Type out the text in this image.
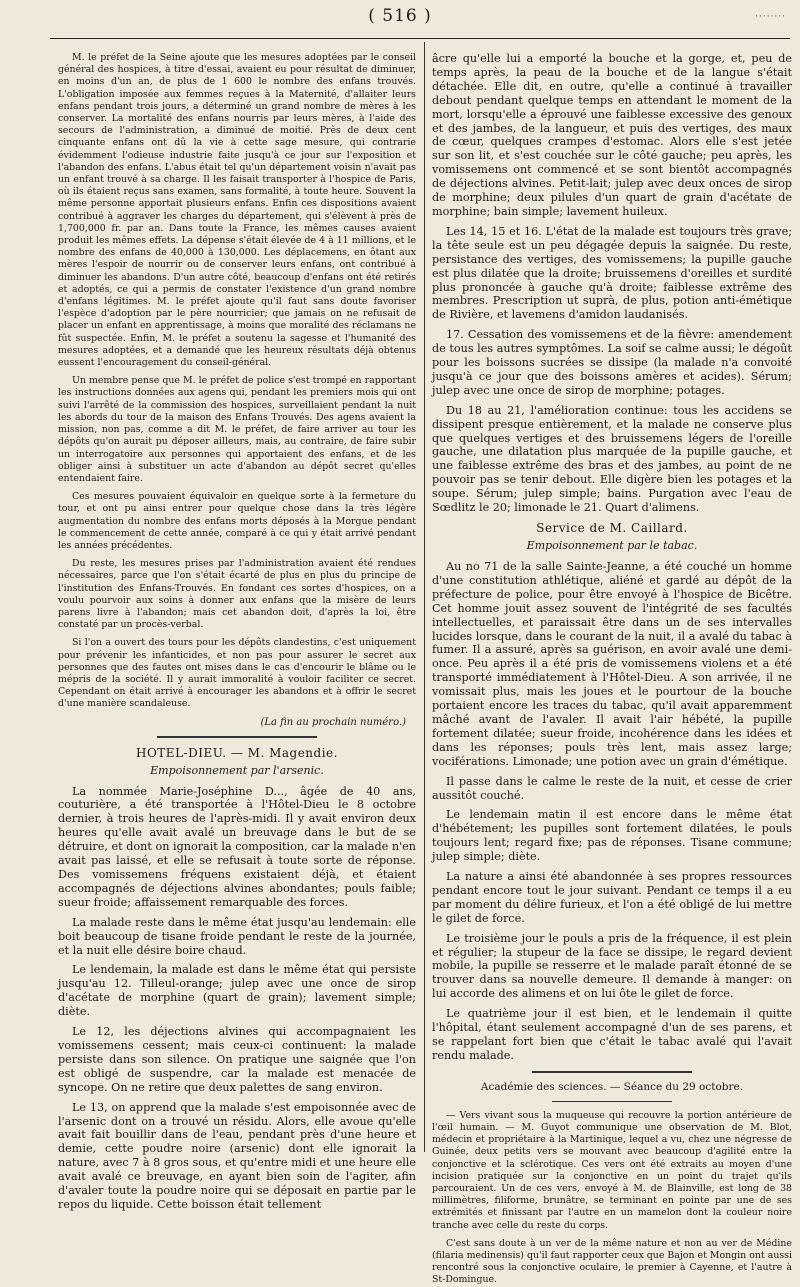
( 516 )	········

M. le préfet de la Seine ajoute que les mesures adoptées par le conseil général des hospices, à titre d'essai, avaient eu pour résultat de diminuer, en moins d'un an, de plus de 1 600 le nombre des enfans trouvés. L'obligation imposée aux femmes reçues à la Maternité, d'allaiter leurs enfans pendant trois jours, a déterminé un grand nombre de mères à les conserver. La mortalité des enfans nourris par leurs mères, à l'aide des secours de l'administration, a diminué de moitié. Près de deux cent cinquante enfans ont dû la vie à cette sage mesure, qui contrarie évidemment l'odieuse industrie faite jusqu'à ce jour sur l'exposition et l'abandon des enfans. L'abus était tel qu'un département voisin n'avait pas un enfant trouvé à sa charge. Il les faisait transporter à l'hospice de Paris, où ils étaient reçus sans examen, sans formalité, à toute heure. Souvent la même personne apportait plusieurs enfans. Enfin ces dispositions avaient contribué à aggraver les charges du département, qui s'élèvent à près de 1,700,000 fr. par an. Dans toute la France, les mêmes causes avaient produit les mêmes effets. La dépense s'était élevée de 4 à 11 millions, et le nombre des enfans de 40,000 à 130,000. Les déplacemens, en ôtant aux mères l'espoir de nourrir ou de conserver leurs enfans, ont contribué à diminuer les abandons. D'un autre côté, beaucoup d'enfans ont été retirés et adoptés, ce qui a permis de constater l'existence d'un grand nombre d'enfans légitimes. M. le préfet ajoute qu'il faut sans doute favoriser l'espèce d'adoption par le père nourricier; que jamais on ne refusait de placer un enfant en apprentissage, à moins que moralité des réclamans ne fût suspectée. Enfin, M. le préfet a soutenu la sagesse et l'humanité des mesures adoptées, et a demandé que les heureux résultats déjà obtenus eussent l'encouragement du conseil-général.

Un membre pense que M. le préfet de police s'est trompé en rapportant les instructions données aux agens qui, pendant les premiers mois qui ont suivi l'arrêté de la commission des hospices, surveillaient pendant la nuit les abords du tour de la maison des Enfans Trouvés. Des agens avaient la mission, non pas, comme a dit M. le préfet, de faire arriver au tour les dépôts qu'on aurait pu déposer ailleurs, mais, au contraire, de faire subir un interrogatoire aux personnes qui apportaient des enfans, et de les obliger ainsi à substituer un acte d'abandon au dépôt secret qu'elles entendaient faire.

Ces mesures pouvaient équivaloir en quelque sorte à la fermeture du tour, et ont pu ainsi entrer pour quelque chose dans la très légère augmentation du nombre des enfans morts déposés à la Morgue pendant le commencement de cette année, comparé à ce qui y était arrivé pendant les années précédentes.

Du reste, les mesures prises par l'administration avaient été rendues nécessaires, parce que l'on s'était écarté de plus en plus du principe de l'institution des Enfans-Trouvés. En fondant ces sortes d'hospices, on a voulu pourvoir aux soins à donner aux enfans que la misère de leurs parens livre à l'abandon; mais cet abandon doit, d'après la loi, être constaté par un procès-verbal.

Si l'on a ouvert des tours pour les dépôts clandestins, c'est uniquement pour prévenir les infanticides, et non pas pour assurer le secret aux personnes que des fautes ont mises dans le cas d'encourir le blâme ou le mépris de la société. Il y aurait immoralité à vouloir faciliter ce secret. Cependant on était arrivé à encourager les abandons et à offrir le secret d'une manière scandaleuse.

(La fin au prochain numéro.)
HOTEL-DIEU. — M. Magendie.
Empoisonnement par l'arsenic.

La nommée Marie-Joséphine D..., âgée de 40 ans, couturière, a été transportée à l'Hôtel-Dieu le 8 octobre dernier, à trois heures de l'après-midi. Il y avait environ deux heures qu'elle avait avalé un breuvage dans le but de se détruire, et dont on ignorait la composition, car la malade n'en avait pas laissé, et elle se refusait à toute sorte de réponse. Des vomissemens fréquens existaient déjà, et étaient accompagnés de déjections alvines abondantes; pouls faible; sueur froide; affaissement remarquable des forces.

La malade reste dans le même état jusqu'au lendemain: elle boit beaucoup de tisane froide pendant le reste de la journée, et la nuit elle désire boire chaud.

Le lendemain, la malade est dans le même état qui persiste jusqu'au 12. Tilleul-orange; julep avec une once de sirop d'acétate de morphine (quart de grain); lavement simple; diète.

Le 12, les déjections alvines qui accompagnaient les vomissemens cessent; mais ceux-ci continuent: la malade persiste dans son silence. On pratique une saignée que l'on est obligé de suspendre, car la malade est menacée de syncope. On ne retire que deux palettes de sang environ.

Le 13, on apprend que la malade s'est empoisonnée avec de l'arsenic dont on a trouvé un résidu. Alors, elle avoue qu'elle avait fait bouillir dans de l'eau, pendant près d'une heure et demie, cette poudre noire (arsenic) dont elle ignorait la nature, avec 7 à 8 gros sous, et qu'entre midi et une heure elle avait avalé ce breuvage, en ayant bien soin de l'agiter, afin d'avaler toute la poudre noire qui se déposait en partie par le repos du liquide. Cette boisson était tellement

âcre qu'elle lui a emporté la bouche et la gorge, et, peu de temps après, la peau de la bouche et de la langue s'était détachée. Elle dit, en outre, qu'elle a continué à travailler debout pendant quelque temps en attendant le moment de la mort, lorsqu'elle a éprouvé une faiblesse excessive des genoux et des jambes, de la langueur, et puis des vertiges, des maux de cœur, quelques crampes d'estomac. Alors elle s'est jetée sur son lit, et s'est couchée sur le côté gauche; peu après, les vomissemens ont commencé et se sont bientôt accompagnés de déjections alvines. Petit-lait; julep avec deux onces de sirop de morphine; deux pilules d'un quart de grain d'acétate de morphine; bain simple; lavement huileux.

Les 14, 15 et 16. L'état de la malade est toujours très grave; la tête seule est un peu dégagée depuis la saignée. Du reste, persistance des vertiges, des vomissemens; la pupille gauche est plus dilatée que la droite; bruissemens d'oreilles et surdité plus prononcée à gauche qu'à droite; faiblesse extrême des membres. Prescription ut suprà, de plus, potion anti-émétique de Rivière, et lavemens d'amidon laudanisés.

17. Cessation des vomissemens et de la fièvre: amendement de tous les autres symptômes. La soif se calme aussi; le dégoût pour les boissons sucrées se dissipe (la malade n'a convoité jusqu'à ce jour que des boissons amères et acides). Sérum; julep avec une once de sirop de morphine; potages.

Du 18 au 21, l'amélioration continue: tous les accidens se dissipent presque entièrement, et la malade ne conserve plus que quelques vertiges et des bruissemens légers de l'oreille gauche, une dilatation plus marquée de la pupille gauche, et une faiblesse extrême des bras et des jambes, au point de ne pouvoir pas se tenir debout. Elle digère bien les potages et la soupe. Sérum; julep simple; bains. Purgation avec l'eau de Sœdlitz le 20; limonade le 21. Quart d'alimens.

Service de M. Caillard.
Empoisonnement par le tabac.

Au no 71 de la salle Sainte-Jeanne, a été couché un homme d'une constitution athlétique, aliéné et gardé au dépôt de la préfecture de police, pour être envoyé à l'hospice de Bicêtre. Cet homme jouit assez souvent de l'intégrité de ses facultés intellectuelles, et paraissait être dans un de ses intervalles lucides lorsque, dans le courant de la nuit, il a avalé du tabac à fumer. Il a assuré, après sa guérison, en avoir avalé une demi-once. Peu après il a été pris de vomissemens violens et a été transporté immédiatement à l'Hôtel-Dieu. A son arrivée, il ne vomissait plus, mais les joues et le pourtour de la bouche portaient encore les traces du tabac, qu'il avait apparemment mâché avant de l'avaler. Il avait l'air hébété, la pupille fortement dilatée; sueur froide, incohérence dans les idées et dans les réponses; pouls très lent, mais assez large; vociférations. Limonade; une potion avec un grain d'émétique.

Il passe dans le calme le reste de la nuit, et cesse de crier aussitôt couché.

Le lendemain matin il est encore dans le même état d'hébétement; les pupilles sont fortement dilatées, le pouls toujours lent; regard fixe; pas de réponses. Tisane commune; julep simple; diète.

La nature a ainsi été abandonnée à ses propres ressources pendant encore tout le jour suivant. Pendant ce temps il a eu par moment du délire furieux, et l'on a été obligé de lui mettre le gilet de force.

Le troisième jour le pouls a pris de la fréquence, il est plein et régulier; la stupeur de la face se dissipe, le regard devient mobile, la pupille se resserre et le malade paraît étonné de se trouver dans sa nouvelle demeure. Il demande à manger: on lui accorde des alimens et on lui ôte le gilet de force.

Le quatrième jour il est bien, et le lendemain il quitte l'hôpital, étant seulement accompagné d'un de ses parens, et se rappelant fort bien que c'était le tabac avalé qui l'avait rendu malade.

Académie des sciences. — Séance du 29 octobre.

— Vers vivant sous la muqueuse qui recouvre la portion antérieure de l'œil humain. — M. Guyot communique une observation de M. Blot, médecin et propriétaire à la Martinique, lequel a vu, chez une négresse de Guinée, deux petits vers se mouvant avec beaucoup d'agilité entre la conjonctive et la sclérotique. Ces vers ont été extraits au moyen d'une incision pratiquée sur la conjonctive en un point du trajet qu'ils parcouraient. Un de ces vers, envoyé à M. de Blainville, est long de 38 millimètres, filiforme, brunâtre, se terminant en pointe par une de ses extrémités et finissant par l'autre en un mamelon dont la couleur noire tranche avec celle du reste du corps.

C'est sans doute à un ver de la même nature et non au ver de Médine (filaria medinensis) qu'il faut rapporter ceux que Bajon et Mongin ont aussi rencontré sous la conjonctive oculaire, le premier à Cayenne, et l'autre à St-Domingue.
